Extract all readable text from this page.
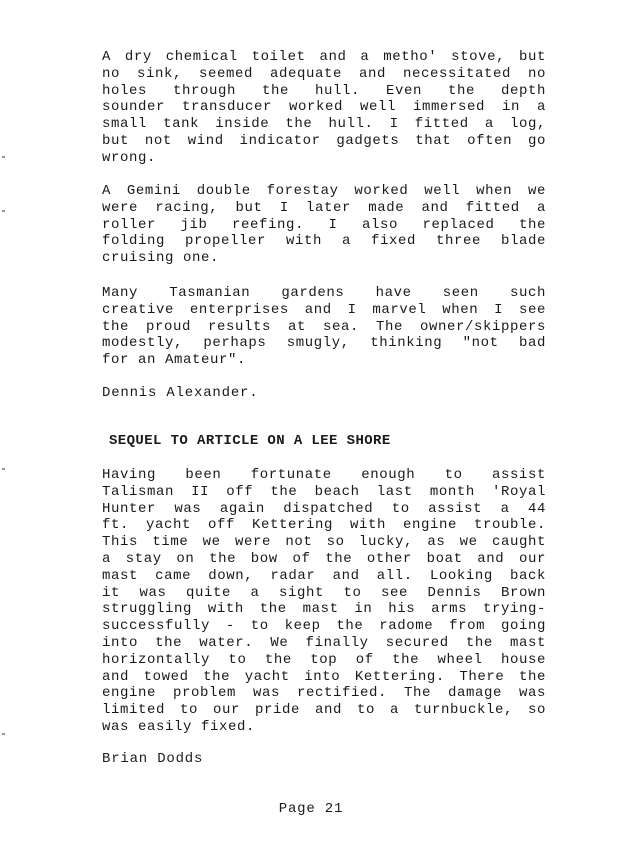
A dry chemical toilet and a metho' stove, but
no sink, seemed adequate and necessitated no
holes through the hull. Even the depth
sounder transducer worked well immersed in a
small tank inside the hull. I fitted a log,
but not wind indicator gadgets that often go
wrong.
A Gemini double forestay worked well when we
were racing, but I later made and fitted a
roller jib reefing. I also replaced the
folding propeller with a fixed three blade
cruising one.
Many Tasmanian gardens have seen such
creative enterprises and I marvel when I see
the proud results at sea. The owner/skippers
modestly, perhaps smugly, thinking "not bad
for an Amateur".

Dennis Alexander.

SEQUEL TO ARTICLE ON A LEE SHORE

Having been fortunate enough to assist
Talisman II off the beach last month 'Royal
Hunter was again dispatched to assist a 44
ft. yacht off Kettering with engine trouble.
This time we were not so lucky, as we caught
a stay on the bow of the other boat and our
mast came down, radar and all. Looking back
it was quite a sight to see Dennis Brown
struggling with the mast in his arms trying-
successfully - to keep the radome from going
into the water. We finally secured the mast
horizontally to the top of the wheel house
and towed the yacht into Kettering. There the
engine problem was rectified. The damage was
limited to our pride and to a turnbuckle, so
was easily fixed.

Brian Dodds

Page 21
